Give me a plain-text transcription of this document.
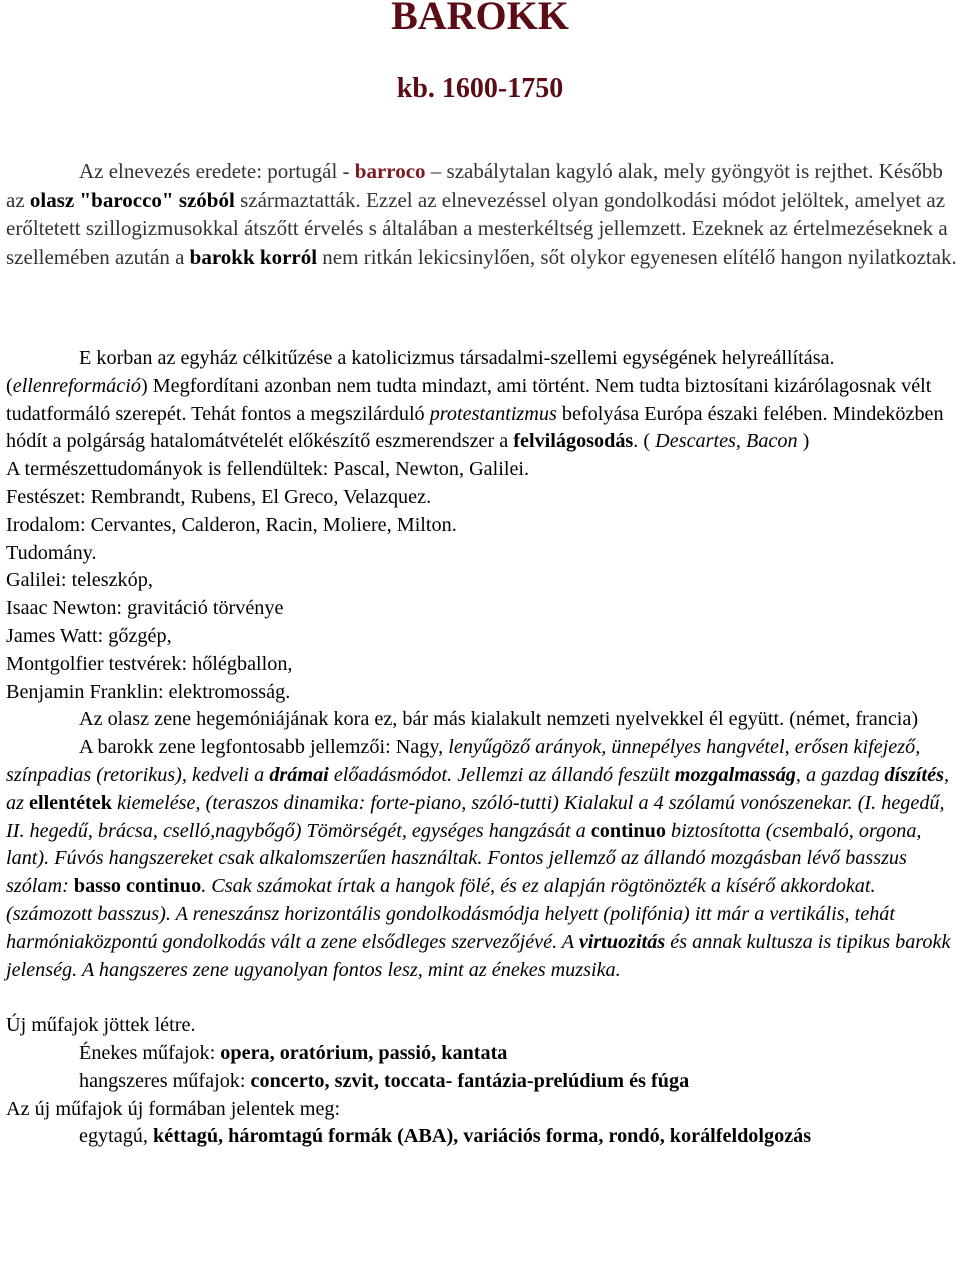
BAROKK
kb. 1600-1750
Az elnevezés eredete: portugál - barroco – szabálytalan kagyló alak, mely gyöngyöt is rejthet. Később az olasz "barocco" szóból származtatták. Ezzel az elnevezéssel olyan gondolkodási módot jelöltek, amelyet az erőltetett szillogizmusokkal átszőtt érvelés s általában a mesterkéltség jellemzett. Ezeknek az értelmezéseknek a szellemében azután a barokk korról nem ritkán lekicsinylően, sőt olykor egyenesen elítélő hangon nyilatkoztak.

E korban az egyház célkitűzése a katolicizmus társadalmi-szellemi egységének helyreállítása. (ellenreformáció) Megfordítani azonban nem tudta mindazt, ami történt. Nem tudta biztosítani kizárólagosnak vélt tudatformáló szerepét. Tehát fontos a megszilárduló protestantizmus befolyása Európa északi felében. Mindeközben hódít a polgárság hatalomátvételét előkészítő eszmerendszer a felvilágosodás. ( Descartes, Bacon )

A természettudományok is fellendültek: Pascal, Newton, Galilei.

Festészet: Rembrandt, Rubens, El Greco, Velazquez.

Irodalom: Cervantes, Calderon, Racin, Moliere, Milton.

Tudomány.

Galilei: teleszkóp,

Isaac Newton: gravitáció törvénye

James Watt: gőzgép,

Montgolfier testvérek: hőlégballon,

Benjamin Franklin: elektromosság.

Az olasz zene hegemóniájának kora ez, bár más kialakult nemzeti nyelvekkel él együtt. (német, francia)

A barokk zene legfontosabb jellemzői: Nagy, lenyűgöző arányok, ünnepélyes hangvétel, erősen kifejező, színpadias (retorikus), kedveli a drámai előadásmódot. Jellemzi az állandó feszült mozgalmasság, a gazdag díszítés, az ellentétek kiemelése, (teraszos dinamika: forte-piano, szóló-tutti) Kialakul a 4 szólamú vonószenekar. (I. hegedű, II. hegedű, brácsa, cselló,nagybőgő) Tömörségét, egységes hangzását a continuo biztosította (csembaló, orgona, lant). Fúvós hangszereket csak alkalomszerűen használtak. Fontos jellemző az állandó mozgásban lévő basszus szólam: basso continuo. Csak számokat írtak a hangok fölé, és ez alapján rögtönözték a kísérő akkordokat. (számozott basszus). A reneszánsz horizontális gondolkodásmódja helyett (polifónia) itt már a vertikális, tehát harmóniaközpontú gondolkodás vált a zene elsődleges szervezőjévé. A virtuozitás és annak kultusza is tipikus barokk jelenség. A hangszeres zene ugyanolyan fontos lesz, mint az énekes muzsika.

Új műfajok jöttek létre.

Énekes műfajok: opera, oratórium, passió, kantata

hangszeres műfajok: concerto, szvit, toccata- fantázia-prelúdium és fúga

Az új műfajok új formában jelentek meg:

egytagú, kéttagú, háromtagú formák (ABA), variációs forma, rondó, korálfeldolgozás
